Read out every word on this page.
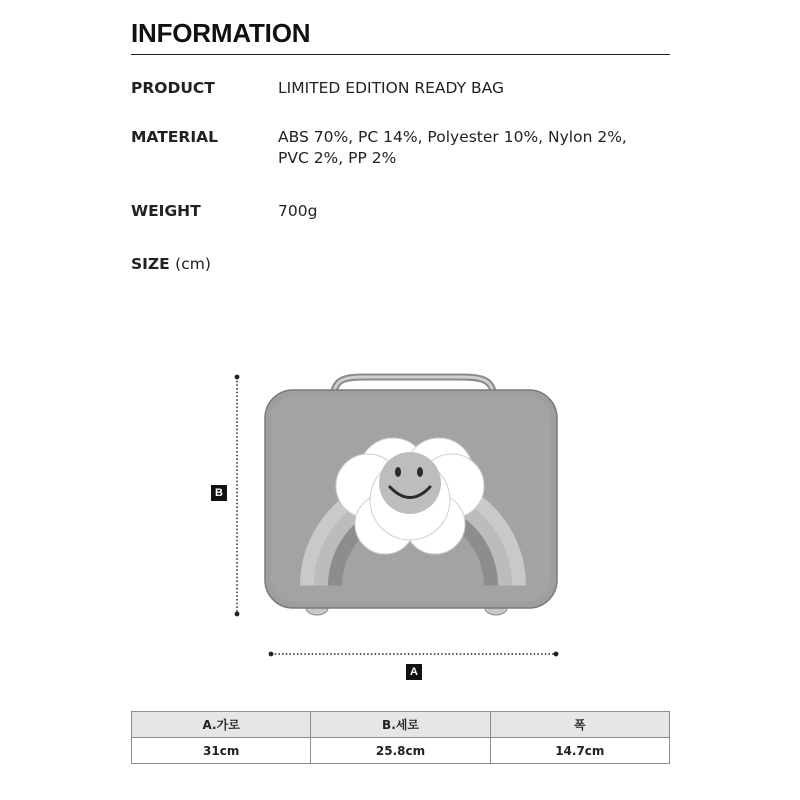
INFORMATION
PRODUCT	LIMITED EDITION READY BAG
MATERIAL	ABS 70%, PC 14%, Polyester 10%, Nylon 2%,
PVC 2%, PP 2%
WEIGHT	700g
SIZE (cm)
B
A
A.가로	B.세로	폭
31cm	25.8cm	14.7cm
